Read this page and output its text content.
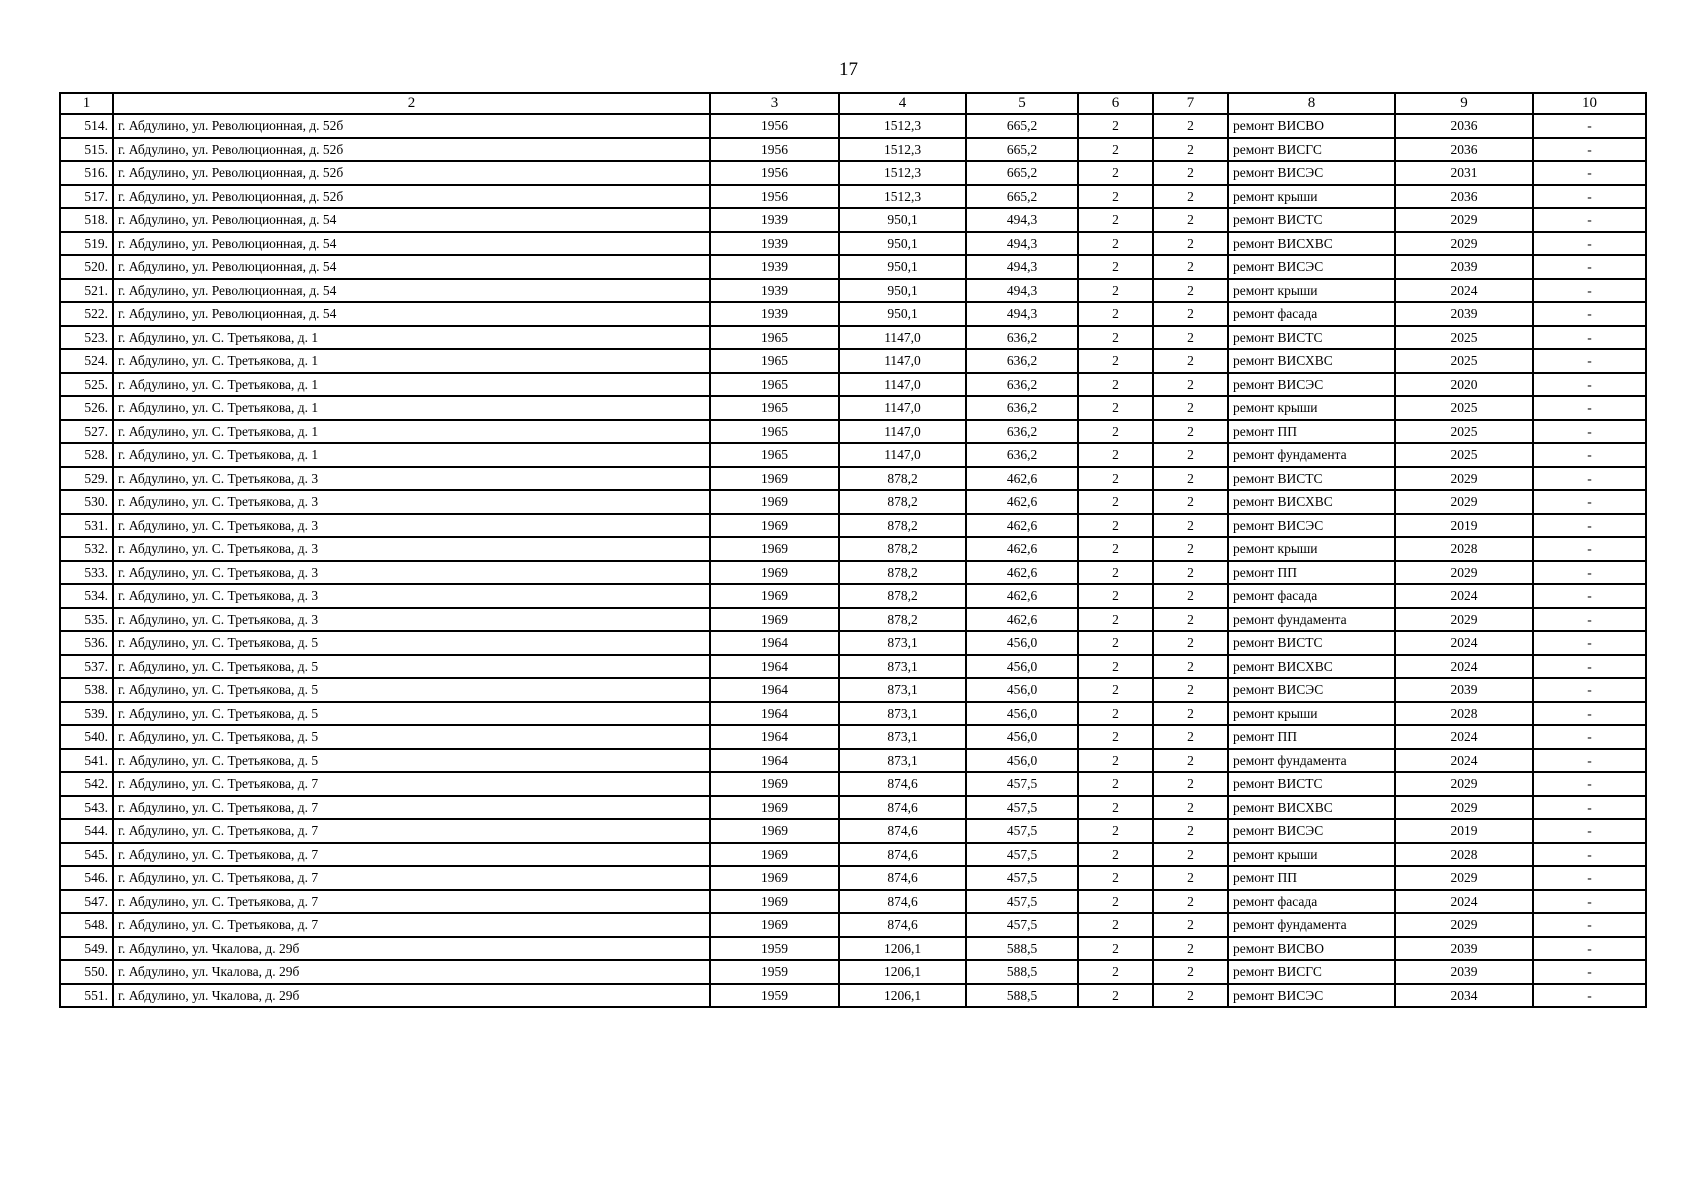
17
1	2	3	4	5	6	7	8	9	10
514.	г. Абдулино, ул. Революционная, д. 52б	1956	1512,3	665,2	2	2	ремонт ВИСВО	2036	-
515.	г. Абдулино, ул. Революционная, д. 52б	1956	1512,3	665,2	2	2	ремонт ВИСГС	2036	-
516.	г. Абдулино, ул. Революционная, д. 52б	1956	1512,3	665,2	2	2	ремонт ВИСЭС	2031	-
517.	г. Абдулино, ул. Революционная, д. 52б	1956	1512,3	665,2	2	2	ремонт крыши	2036	-
518.	г. Абдулино, ул. Революционная, д. 54	1939	950,1	494,3	2	2	ремонт ВИСТС	2029	-
519.	г. Абдулино, ул. Революционная, д. 54	1939	950,1	494,3	2	2	ремонт ВИСХВС	2029	-
520.	г. Абдулино, ул. Революционная, д. 54	1939	950,1	494,3	2	2	ремонт ВИСЭС	2039	-
521.	г. Абдулино, ул. Революционная, д. 54	1939	950,1	494,3	2	2	ремонт крыши	2024	-
522.	г. Абдулино, ул. Революционная, д. 54	1939	950,1	494,3	2	2	ремонт фасада	2039	-
523.	г. Абдулино, ул. С. Третьякова, д. 1	1965	1147,0	636,2	2	2	ремонт ВИСТС	2025	-
524.	г. Абдулино, ул. С. Третьякова, д. 1	1965	1147,0	636,2	2	2	ремонт ВИСХВС	2025	-
525.	г. Абдулино, ул. С. Третьякова, д. 1	1965	1147,0	636,2	2	2	ремонт ВИСЭС	2020	-
526.	г. Абдулино, ул. С. Третьякова, д. 1	1965	1147,0	636,2	2	2	ремонт крыши	2025	-
527.	г. Абдулино, ул. С. Третьякова, д. 1	1965	1147,0	636,2	2	2	ремонт ПП	2025	-
528.	г. Абдулино, ул. С. Третьякова, д. 1	1965	1147,0	636,2	2	2	ремонт фундамента	2025	-
529.	г. Абдулино, ул. С. Третьякова, д. 3	1969	878,2	462,6	2	2	ремонт ВИСТС	2029	-
530.	г. Абдулино, ул. С. Третьякова, д. 3	1969	878,2	462,6	2	2	ремонт ВИСХВС	2029	-
531.	г. Абдулино, ул. С. Третьякова, д. 3	1969	878,2	462,6	2	2	ремонт ВИСЭС	2019	-
532.	г. Абдулино, ул. С. Третьякова, д. 3	1969	878,2	462,6	2	2	ремонт крыши	2028	-
533.	г. Абдулино, ул. С. Третьякова, д. 3	1969	878,2	462,6	2	2	ремонт ПП	2029	-
534.	г. Абдулино, ул. С. Третьякова, д. 3	1969	878,2	462,6	2	2	ремонт фасада	2024	-
535.	г. Абдулино, ул. С. Третьякова, д. 3	1969	878,2	462,6	2	2	ремонт фундамента	2029	-
536.	г. Абдулино, ул. С. Третьякова, д. 5	1964	873,1	456,0	2	2	ремонт ВИСТС	2024	-
537.	г. Абдулино, ул. С. Третьякова, д. 5	1964	873,1	456,0	2	2	ремонт ВИСХВС	2024	-
538.	г. Абдулино, ул. С. Третьякова, д. 5	1964	873,1	456,0	2	2	ремонт ВИСЭС	2039	-
539.	г. Абдулино, ул. С. Третьякова, д. 5	1964	873,1	456,0	2	2	ремонт крыши	2028	-
540.	г. Абдулино, ул. С. Третьякова, д. 5	1964	873,1	456,0	2	2	ремонт ПП	2024	-
541.	г. Абдулино, ул. С. Третьякова, д. 5	1964	873,1	456,0	2	2	ремонт фундамента	2024	-
542.	г. Абдулино, ул. С. Третьякова, д. 7	1969	874,6	457,5	2	2	ремонт ВИСТС	2029	-
543.	г. Абдулино, ул. С. Третьякова, д. 7	1969	874,6	457,5	2	2	ремонт ВИСХВС	2029	-
544.	г. Абдулино, ул. С. Третьякова, д. 7	1969	874,6	457,5	2	2	ремонт ВИСЭС	2019	-
545.	г. Абдулино, ул. С. Третьякова, д. 7	1969	874,6	457,5	2	2	ремонт крыши	2028	-
546.	г. Абдулино, ул. С. Третьякова, д. 7	1969	874,6	457,5	2	2	ремонт ПП	2029	-
547.	г. Абдулино, ул. С. Третьякова, д. 7	1969	874,6	457,5	2	2	ремонт фасада	2024	-
548.	г. Абдулино, ул. С. Третьякова, д. 7	1969	874,6	457,5	2	2	ремонт фундамента	2029	-
549.	г. Абдулино, ул. Чкалова, д. 29б	1959	1206,1	588,5	2	2	ремонт ВИСВО	2039	-
550.	г. Абдулино, ул. Чкалова, д. 29б	1959	1206,1	588,5	2	2	ремонт ВИСГС	2039	-
551.	г. Абдулино, ул. Чкалова, д. 29б	1959	1206,1	588,5	2	2	ремонт ВИСЭС	2034	-
